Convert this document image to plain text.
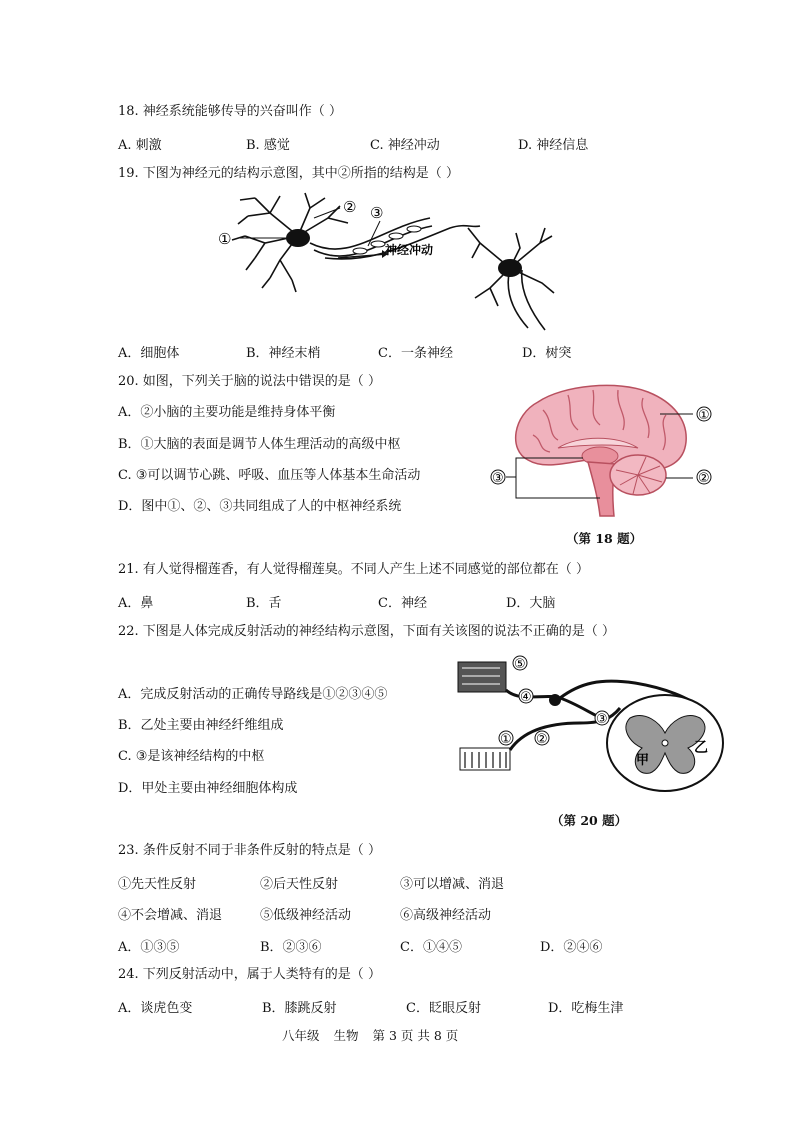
18. 神经系统能够传导的兴奋叫作（ ）
A. 刺激	B. 感觉	C. 神经冲动	D. 神经信息
19. 下图为神经元的结构示意图，其中②所指的结构是（ ）
①
② ③
神经冲动
A．细胞体	B．神经末梢	C．一条神经	D．树突
20. 如图，下列关于脑的说法中错误的是（ ）
A．②小脑的主要功能是维持身体平衡
B．①大脑的表面是调节人体生理活动的高级中枢
C. ③可以调节心跳、呼吸、血压等人体基本生命活动
D．图中①、②、③共同组成了人的中枢神经系统
①
②
③
（第 18 题）
21. 有人觉得榴莲香，有人觉得榴莲臭。不同人产生上述不同感觉的部位都在（ ）
A．鼻	B．舌	C．神经	D．大脑
22. 下图是人体完成反射活动的神经结构示意图，下面有关该图的说法不正确的是（ ）
A．完成反射活动的正确传导路线是①②③④⑤
B．乙处主要由神经纤维组成
C. ③是该神经结构的中枢
D．甲处主要由神经细胞体构成
⑤
①
④
②
③
甲
乙
（第 20 题）
23. 条件反射不同于非条件反射的特点是（ ）
①先天性反射	②后天性反射	③可以增减、消退
④不会增减、消退	⑤低级神经活动	⑥高级神经活动
A．①③⑤	B．②③⑥	C．①④⑤	D．②④⑥
24. 下列反射活动中，属于人类特有的是（ ）
A．谈虎色变	B．膝跳反射	C．眨眼反射	D．吃梅生津
八年级 生物 第 3 页 共 8 页
